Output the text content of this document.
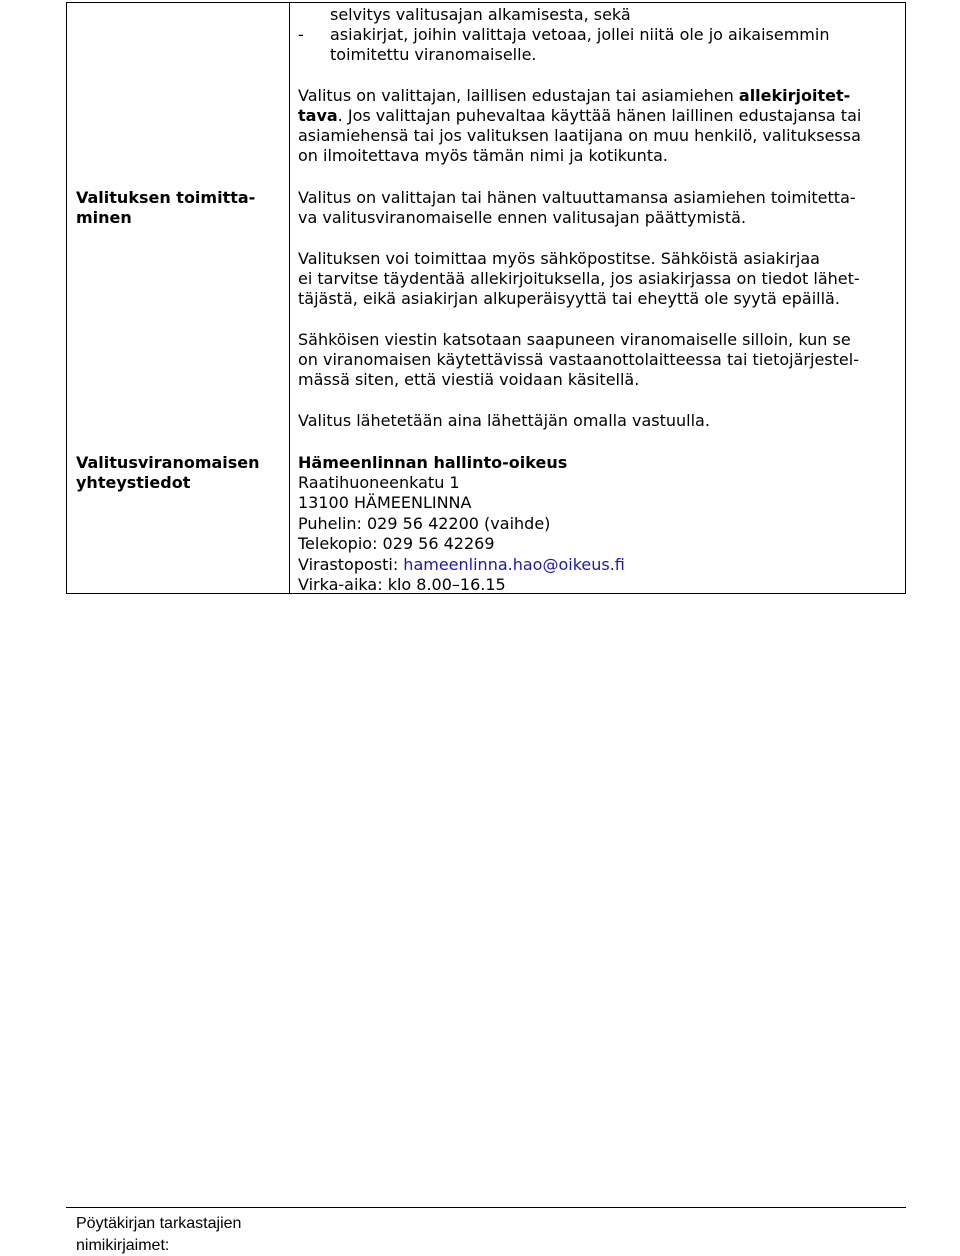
selvitys valitusajan alkamisesta, sekä
- asiakirjat, joihin valittaja vetoaa, jollei niitä ole jo aikaisemmin
toimitettu viranomaiselle.
Valitus on valittajan, laillisen edustajan tai asiamiehen allekirjoitet-
tava. Jos valittajan puhevaltaa käyttää hänen laillinen edustajansa tai
asiamiehensä tai jos valituksen laatijana on muu henkilö, valituksessa
on ilmoitettava myös tämän nimi ja kotikunta.
Valituksen toimitta-
minen
Valitus on valittajan tai hänen valtuuttamansa asiamiehen toimitetta-
va valitusviranomaiselle ennen valitusajan päättymistä.
Valituksen voi toimittaa myös sähköpostitse. Sähköistä asiakirjaa
ei tarvitse täydentää allekirjoituksella, jos asiakirjassa on tiedot lähet-
täjästä, eikä asiakirjan alkuperäisyyttä tai eheyttä ole syytä epäillä.
Sähköisen viestin katsotaan saapuneen viranomaiselle silloin, kun se
on viranomaisen käytettävissä vastaanottolaitteessa tai tietojärjestel-
mässä siten, että viestiä voidaan käsitellä.
Valitus lähetetään aina lähettäjän omalla vastuulla.
Valitusviranomaisen
yhteystiedot
Hämeenlinnan hallinto-oikeus
Raatihuoneenkatu 1
13100 HÄMEENLINNA
Puhelin: 029 56 42200 (vaihde)
Telekopio: 029 56 42269
Virastoposti: hameenlinna.hao@oikeus.fi
Virka-aika: klo 8.00–16.15
Pöytäkirjan tarkastajien
nimikirjaimet:
